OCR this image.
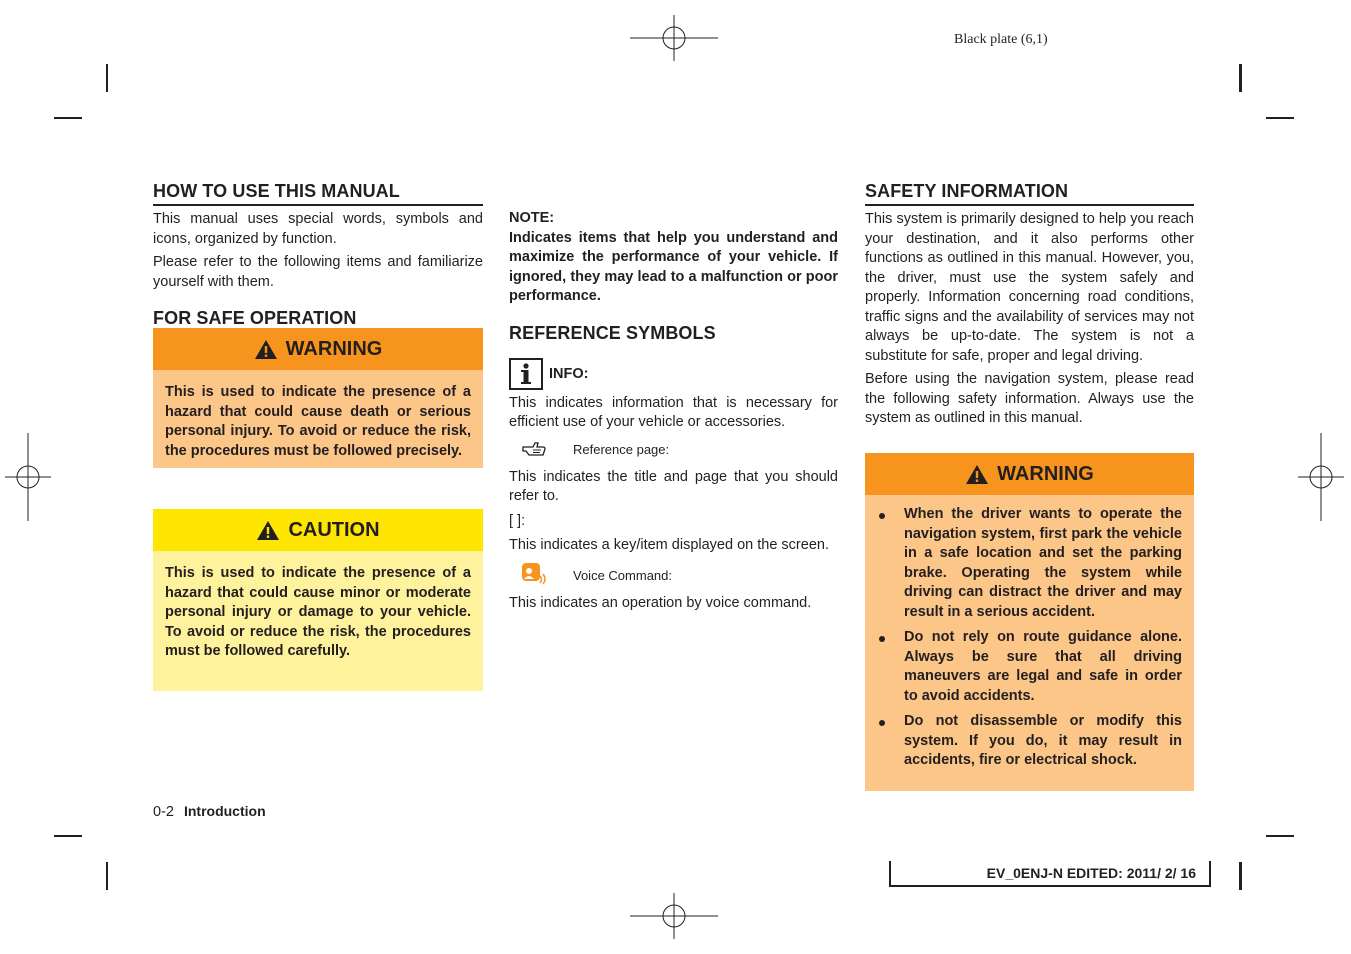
Black plate (6,1)
HOW TO USE THIS MANUAL

This manual uses special words, symbols and icons, organized by function.

Please refer to the following items and familiarize yourself with them.

FOR SAFE OPERATION
WARNING
This is used to indicate the presence of a hazard that could cause death or serious personal injury. To avoid or reduce the risk, the procedures must be followed precisely.
CAUTION
This is used to indicate the presence of a hazard that could cause minor or moderate personal injury or damage to your vehicle. To avoid or reduce the risk, the procedures must be followed carefully.

NOTE:

Indicates items that help you understand and maximize the performance of your vehicle. If ignored, they may lead to a malfunction or poor performance.

REFERENCE SYMBOLS
INFO:

This indicates information that is necessary for efficient use of your vehicle or accessories.

Reference page:

This indicates the title and page that you should refer to.

[ ]:

This indicates a key/item displayed on the screen.

Voice Command:

This indicates an operation by voice command.

SAFETY INFORMATION

This system is primarily designed to help you reach your destination, and it also performs other functions as outlined in this manual. However, you, the driver, must use the system safely and properly. Information concerning road conditions, traffic signs and the availability of services may not always be up-to-date. The system is not a substitute for safe, proper and legal driving.

Before using the navigation system, please read the following safety information. Always use the system as outlined in this manual.

WARNING
When the driver wants to operate the navigation system, first park the vehicle in a safe location and set the parking brake. Operating the system while driving can distract the driver and may result in a serious accident.
Do not rely on route guidance alone. Always be sure that all driving maneuvers are legal and safe in order to avoid accidents.
Do not disassemble or modify this system. If you do, it may result in accidents, fire or electrical shock.
0-2 Introduction
EV_0ENJ-N EDITED: 2011/ 2/ 16
